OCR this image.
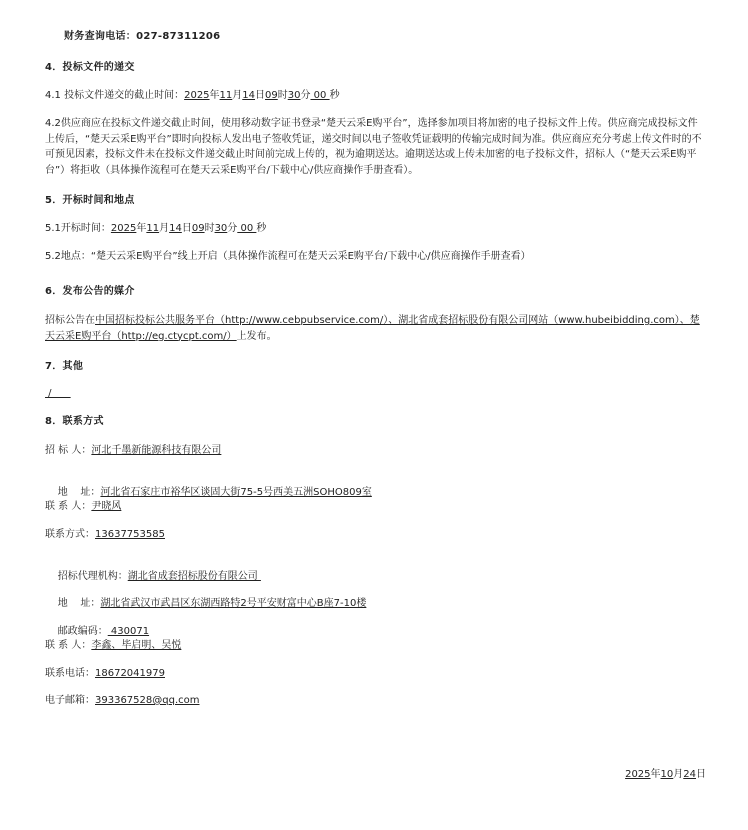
财务查询电话：027-87311206
4．投标文件的递交
4.1 投标文件递交的截止时间：2025年11月14日09时30分 00 秒
4.2供应商应在投标文件递交截止时间，使用移动数字证书登录“楚天云采E购平台”，选择参加项目将加密的电子投标文件上传。供应商完成投标文件上传后，“楚天云采E购平台”即时向投标人发出电子签收凭证，递交时间以电子签收凭证载明的传输完成时间为准。供应商应充分考虑上传文件时的不可预见因素，投标文件未在投标文件递交截止时间前完成上传的，视为逾期送达。逾期送达或上传未加密的电子投标文件，招标人（“楚天云采E购平台”）将拒收（具体操作流程可在楚天云采E购平台/下载中心/供应商操作手册查看）。
5．开标时间和地点
5.1开标时间：2025年11月14日09时30分 00 秒
5.2地点：“楚天云采E购平台”线上开启（具体操作流程可在楚天云采E购平台/下载中心/供应商操作手册查看）
6．发布公告的媒介
招标公告在中国招标投标公共服务平台（http://www.cebpubservice.com/）、湖北省成套招标股份有限公司网站（www.hubeibidding.com）、楚天云采E购平台（http://eg.ctycpt.com/）上发布。
7．其他
/
8．联系方式
招 标 人：河北千墨新能源科技有限公司

地    址：河北省石家庄市裕华区谈固大街75-5号西美五洲SOHO809室

联 系 人：尹晓风
联系方式：13637753585

招标代理机构：湖北省成套招标股份有限公司

地    址：湖北省武汉市武昌区东湖西路特2号平安财富中心B座7-10楼

邮政编码： 430071

联 系 人：李鑫、毕启明、吴悦
联系电话：18672041979
电子邮箱：393367528@qq.com
2025年10月24日
